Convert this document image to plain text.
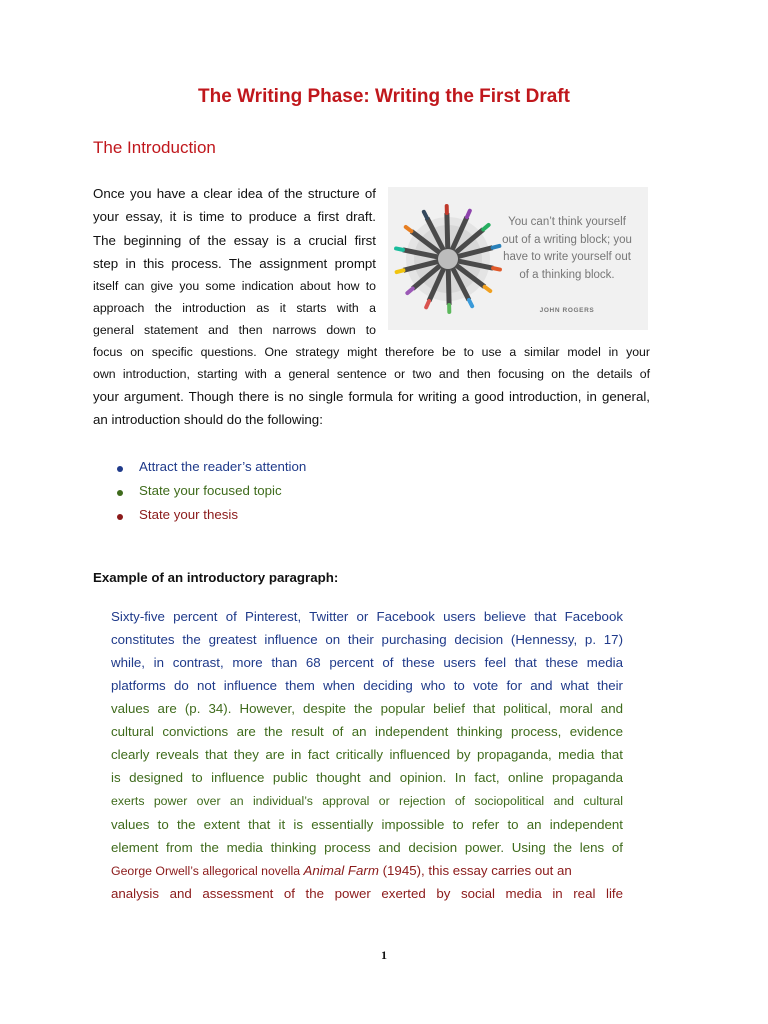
The Writing Phase: Writing the First Draft
The Introduction
You can’t think yourself out of a writing block; you have to write yourself out of a thinking block.
JOHN ROGERS
Once you have a clear idea of the structure of
your essay, it is time to produce a first draft.
The beginning of the essay is a crucial first
step in this process. The assignment prompt
itself can give you some indication about how to
approach the introduction as it starts with a
general statement and then narrows down to
focus on specific questions. One strategy might therefore be to use a similar model in your
own introduction, starting with a general sentence or two and then focusing on the details of
your argument. Though there is no single formula for writing a good introduction, in general,
an introduction should do the following:
Attract the reader’s attention
State your focused topic
State your thesis
Example of an introductory paragraph:
Sixty-five percent of Pinterest, Twitter or Facebook users believe that Facebook
constitutes the greatest influence on their purchasing decision (Hennessy, p. 17)
while, in contrast, more than 68 percent of these users feel that these media
platforms do not influence them when deciding who to vote for and what their
values are (p. 34). However, despite the popular belief that political, moral and
cultural convictions are the result of an independent thinking process, evidence
clearly reveals that they are in fact critically influenced by propaganda, media that
is designed to influence public thought and opinion. In fact, online propaganda
exerts power over an individual’s approval or rejection of sociopolitical and cultural
values to the extent that it is essentially impossible to refer to an independent
element from the media thinking process and decision power. Using the lens of
George Orwell’s allegorical novella Animal Farm (1945), this essay carries out an
analysis and assessment of the power exerted by social media in real life
1
